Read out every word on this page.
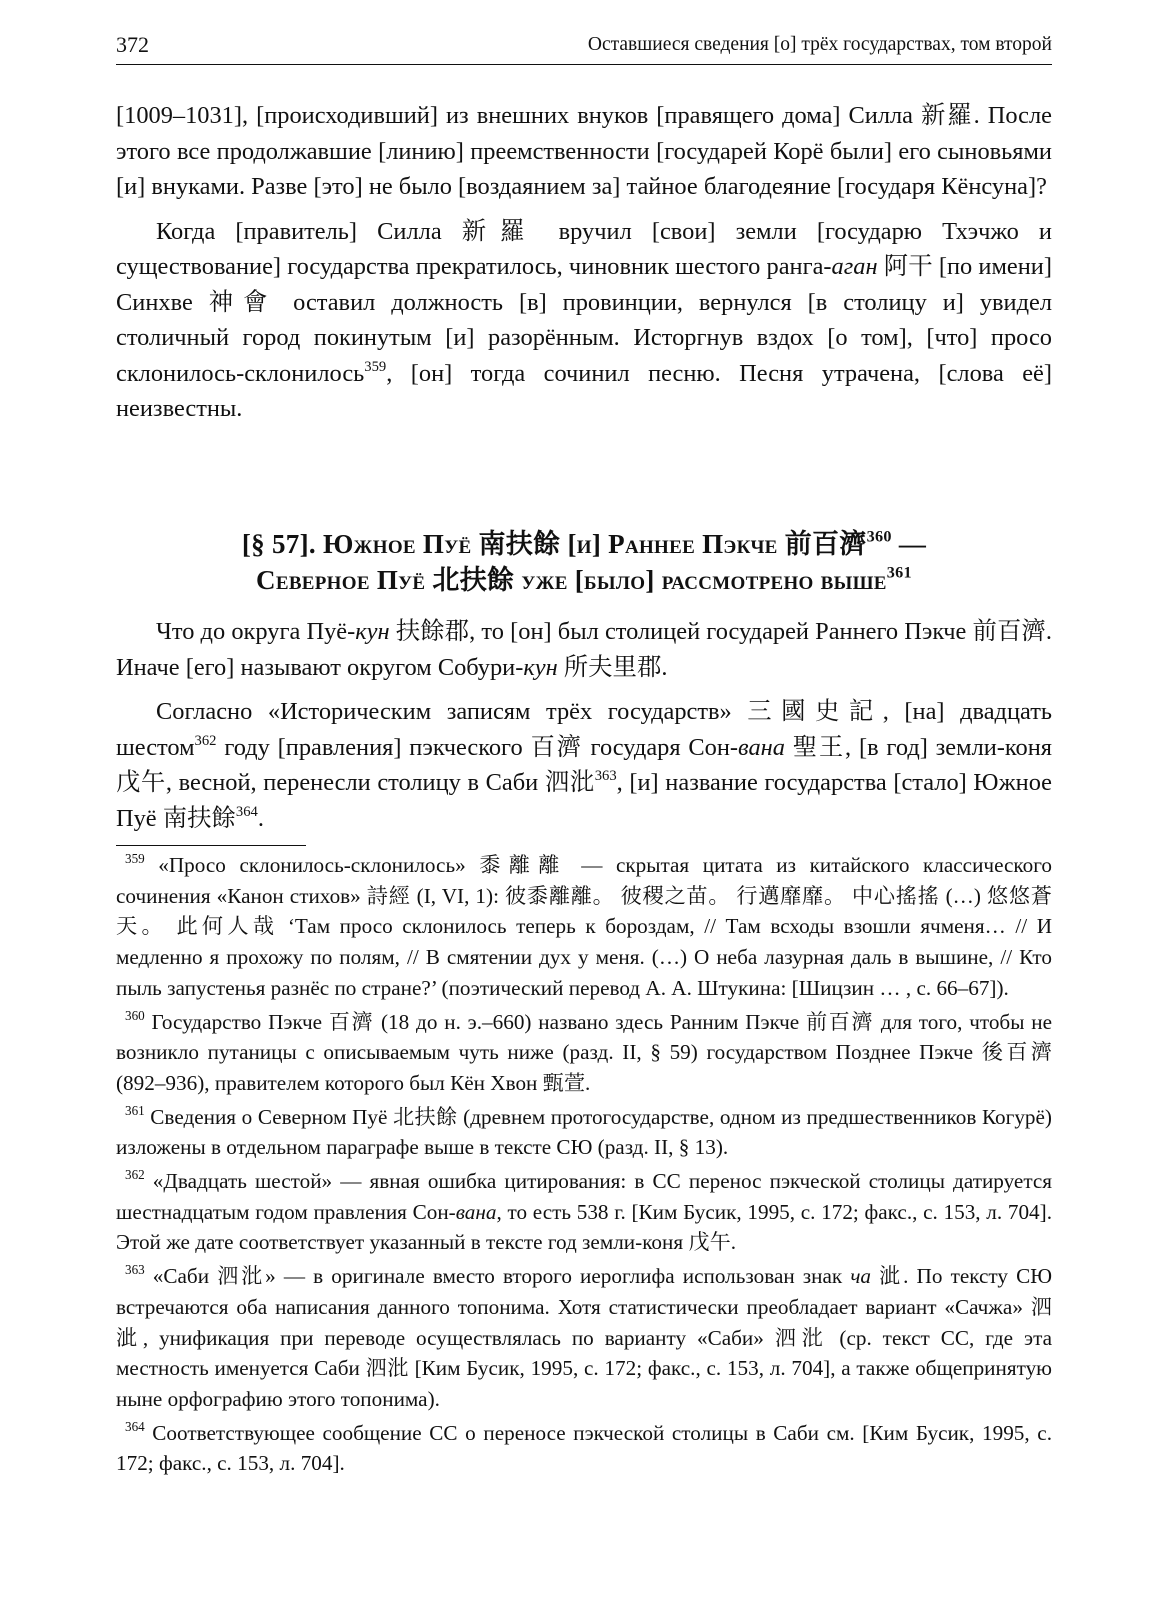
372	Оставшиеся сведения [о] трёх государствах, том второй

[1009–1031], [происходивший] из внешних внуков [правящего дома] Силла 新羅. После этого все продолжавшие [линию] преемственности [государей Корё были] его сыновьями [и] внуками. Разве [это] не было [воздаянием за] тайное благодеяние [государя Кёнсуна]?

Когда [правитель] Силла 新羅 вручил [свои] земли [государю Тхэчжо и существование] государства прекратилось, чиновник шестого ранга-аган 阿干 [по имени] Синхве 神會 оставил должность [в] провинции, вернулся [в столицу и] увидел столичный город покинутым [и] разорённым. Исторгнув вздох [о том], [что] просо склонилось-склонилось$^{359}$, [он] тогда сочинил песню. Песня утрачена, [слова её] неизвестны.

[§ 57]. Южное Пуё 南扶餘 [и] Раннее Пэкче 前百濟$^{360}$ —
Северное Пуё 北扶餘 уже [было] рассмотрено выше$^{361}$

Что до округа Пуё-кун 扶餘郡, то [он] был столицей государей Раннего Пэкче 前百濟. Иначе [его] называют округом Собури-кун 所夫里郡.

Согласно «Историческим записям трёх государств» 三國史記, [на] двадцать шестом$^{362}$ году [правления] пэкческого 百濟 государя Сон-вана 聖王, [в год] земли-коня 戊午, весной, перенесли столицу в Саби 泗沘$^{363}$, [и] название государства [стало] Южное Пуё 南扶餘$^{364}$.

$^{359}$ «Просо склонилось-склонилось» 黍離離 — скрытая цитата из китайского классического сочинения «Канон стихов» 詩經 (I, VI, 1): 彼黍離離。 彼稷之苗。 行邁靡靡。 中心搖搖 (…) 悠悠蒼天。 此何人哉 ‘Там просо склонилось теперь к бороздам, // Там всходы взошли ячменя… // И медленно я прохожу по полям, // В смятении дух у меня. (…) О неба лазурная даль в вышине, // Кто пыль запустенья разнёс по стране?’ (поэтический перевод А. А. Штукина: [Шицзин … , с. 66–67]).

$^{360}$ Государство Пэкче 百濟 (18 до н. э.–660) названо здесь Ранним Пэкче 前百濟 для того, чтобы не возникло путаницы с описываемым чуть ниже (разд. II, § 59) государством Позднее Пэкче 後百濟 (892–936), правителем которого был Кён Хвон 甄萱.

$^{361}$ Сведения о Северном Пуё 北扶餘 (древнем протогосударстве, одном из предшественников Когурё) изложены в отдельном параграфе выше в тексте СЮ (разд. II, § 13).

$^{362}$ «Двадцать шестой» — явная ошибка цитирования: в СС перенос пэкческой столицы датируется шестнадцатым годом правления Сон-вана, то есть 538 г. [Ким Бусик, 1995, с. 172; факс., с. 153, л. 704]. Этой же дате соответствует указанный в тексте год земли-коня 戊午.

$^{363}$ «Саби 泗沘» — в оригинале вместо второго иероглифа использован знак ча 泚. По тексту СЮ встречаются оба написания данного топонима. Хотя статистически преобладает вариант «Сачжа» 泗泚, унификация при переводе осуществлялась по варианту «Саби» 泗沘 (ср. текст СС, где эта местность именуется Саби 泗沘 [Ким Бусик, 1995, с. 172; факс., с. 153, л. 704], а также общепринятую ныне орфографию этого топонима).

$^{364}$ Соответствующее сообщение СС о переносе пэкческой столицы в Саби см. [Ким Бусик, 1995, с. 172; факс., с. 153, л. 704].
